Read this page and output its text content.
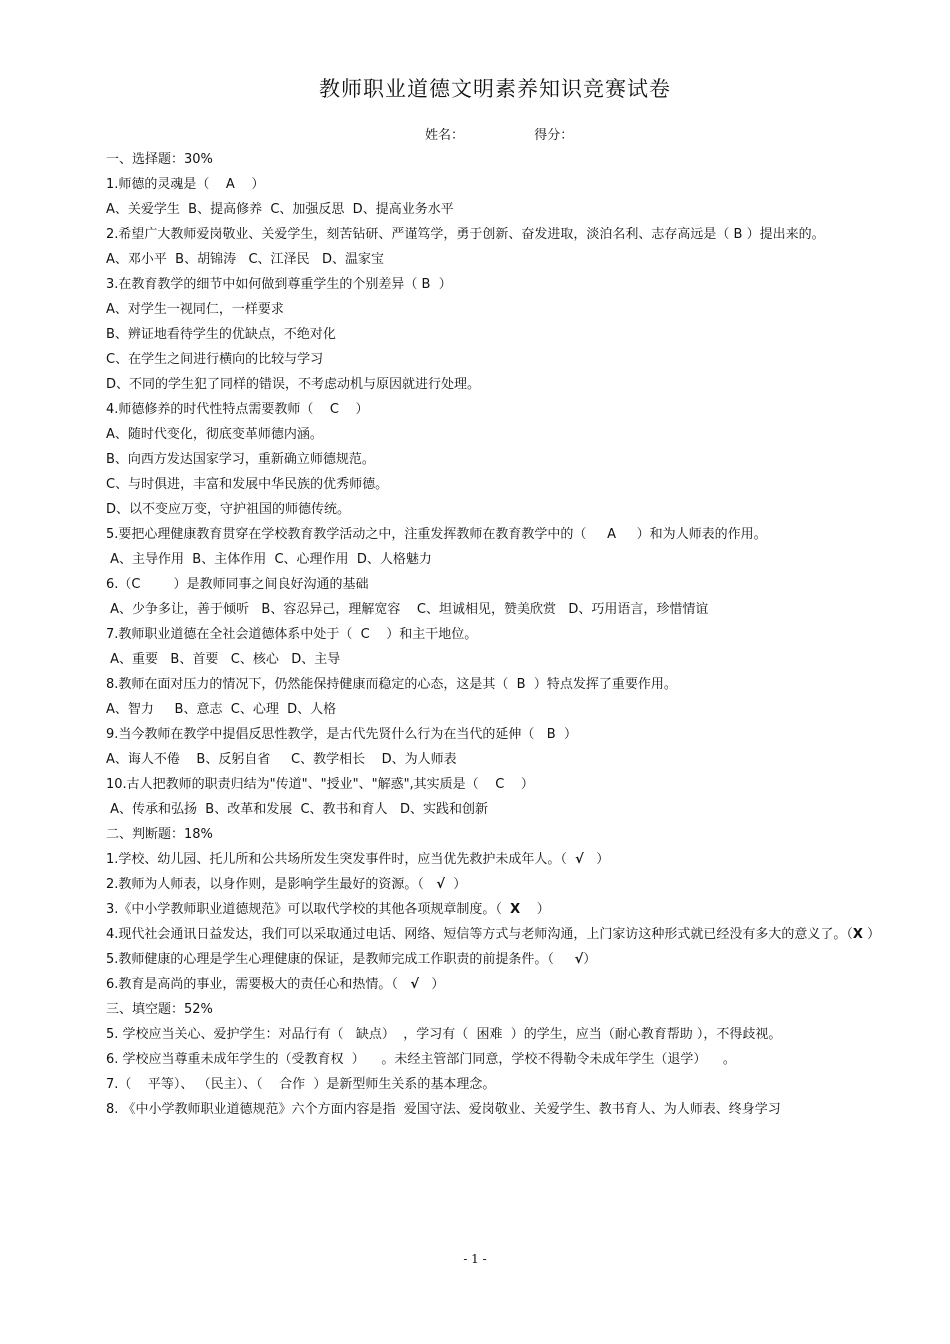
教师职业道德文明素养知识竞赛试卷
姓名：	得分：
一、选择题：30%
1.师德的灵魂是（    A    ）
A、关爱学生  B、提高修养  C、加强反思  D、提高业务水平
2.希望广大教师爱岗敬业、关爱学生，刻苦钻研、严谨笃学，勇于创新、奋发进取，淡泊名利、志存高远是（ B ）提出来的。
A、邓小平  B、胡锦涛   C、江泽民   D、温家宝
3.在教育教学的细节中如何做到尊重学生的个别差异（ B  ）
A、对学生一视同仁，一样要求
B、辨证地看待学生的优缺点，不绝对化
C、在学生之间进行横向的比较与学习
D、不同的学生犯了同样的错误，不考虑动机与原因就进行处理。
4.师德修养的时代性特点需要教师（    C    ）
A、随时代变化，彻底变革师德内涵。
B、向西方发达国家学习，重新确立师德规范。
C、与时俱进，丰富和发展中华民族的优秀师德。
D、以不变应万变，守护祖国的师德传统。
5.要把心理健康教育贯穿在学校教育教学活动之中，注重发挥教师在教育教学中的（     A     ）和为人师表的作用。
A、主导作用  B、主体作用  C、心理作用  D、人格魅力
6.（C        ）是教师同事之间良好沟通的基础
A、少争多让，善于倾听   B、容忍异己，理解宽容    C、坦诚相见，赞美欣赏   D、巧用语言，珍惜情谊
7.教师职业道德在全社会道德体系中处于（  C    ）和主干地位。
A、重要   B、首要   C、核心   D、主导
8.教师在面对压力的情况下，仍然能保持健康而稳定的心态，这是其（  B  ）特点发挥了重要作用。
A、智力     B、意志  C、心理  D、人格
9.当今教师在教学中提倡反思性教学，是古代先贤什么行为在当代的延伸（   B  ）
A、诲人不倦    B、反躬自省     C、教学相长    D、为人师表
10.古人把教师的职责归结为"传道"、"授业"、"解惑",其实质是（    C    ）
A、传承和弘扬  B、改革和发展  C、教书和育人   D、实践和创新
二、判断题：18%
1.学校、幼儿园、托儿所和公共场所发生突发事件时，应当优先救护未成年人。（  √   ）
2.教师为人师表，以身作则，是影响学生最好的资源。（   √  ）
3.《中小学教师职业道德规范》可以取代学校的其他各项规章制度。（  X    ）
4.现代社会通讯日益发达，我们可以采取通过电话、网络、短信等方式与老师沟通，上门家访这种形式就已经没有多大的意义了。（X ）
5.教师健康的心理是学生心理健康的保证，是教师完成工作职责的前提条件。（     √）
6.教育是高尚的事业，需要极大的责任心和热情。（   √   ）
三、填空题：52%
5. 学校应当关心、爱护学生：对品行有（   缺点）  ，学习有（  困难  ）的学生，应当（耐心教育帮助 ），不得歧视。
6. 学校应当尊重未成年学生的（受教育权  ）    。未经主管部门同意，学校不得勒令未成年学生（退学）    。
7.（    平等）、 （民主）、（    合作  ）是新型师生关系的基本理念。
8. 《中小学教师职业道德规范》六个方面内容是指  爱国守法、爱岗敬业、关爱学生、教书育人、为人师表、终身学习
- 1 -
